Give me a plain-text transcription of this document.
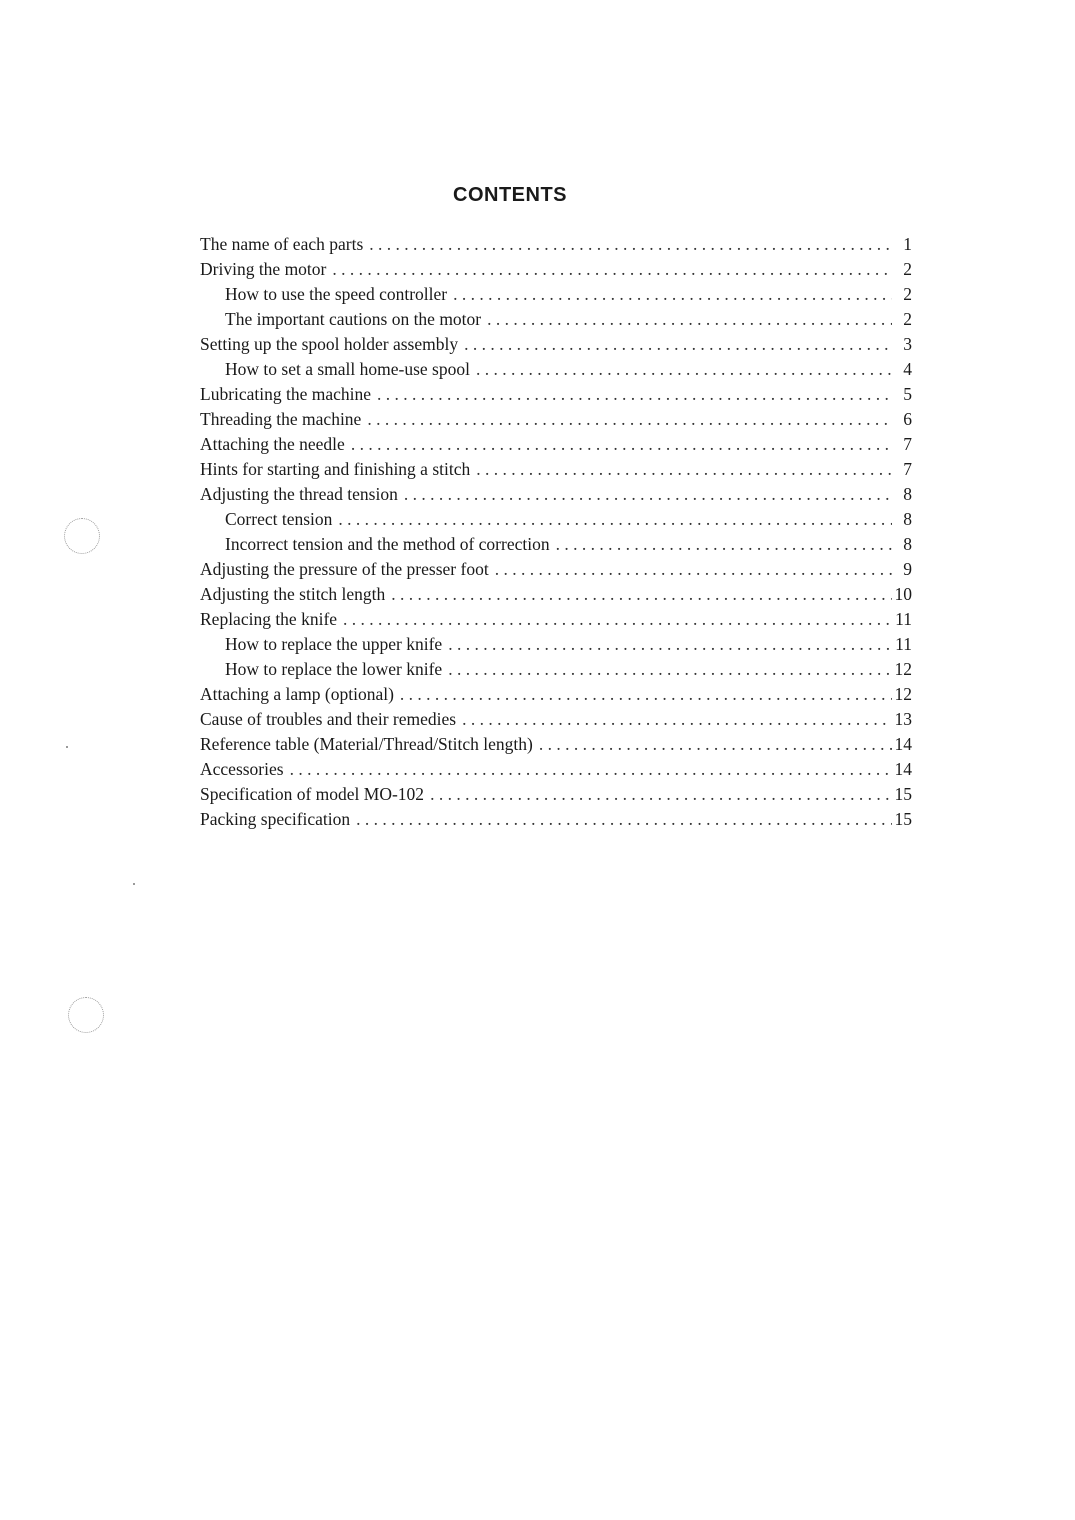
CONTENTS
The name of each parts . . .	1
Driving the motor . . .	2
How to use the speed controller . . .	2
The important cautions on the motor . . .	2
Setting up the spool holder assembly . . .	3
How to set a small home-use spool . . .	4
Lubricating the machine . . .	5
Threading the machine . . .	6
Attaching the needle . . .	7
Hints for starting and finishing a stitch . . .	7
Adjusting the thread tension . . .	8
Correct tension . . .	8
Incorrect tension and the method of correction . . .	8
Adjusting the pressure of the presser foot . . .	9
Adjusting the stitch length . . .	10
Replacing the knife . . .	11
How to replace the upper knife . . .	11
How to replace the lower knife . . .	12
Attaching a lamp (optional) . . .	12
Cause of troubles and their remedies . . .	13
Reference table (Material/Thread/Stitch length) . . .	14
Accessories . . .	14
Specification of model MO-102 . . .	15
Packing specification . . .	15
